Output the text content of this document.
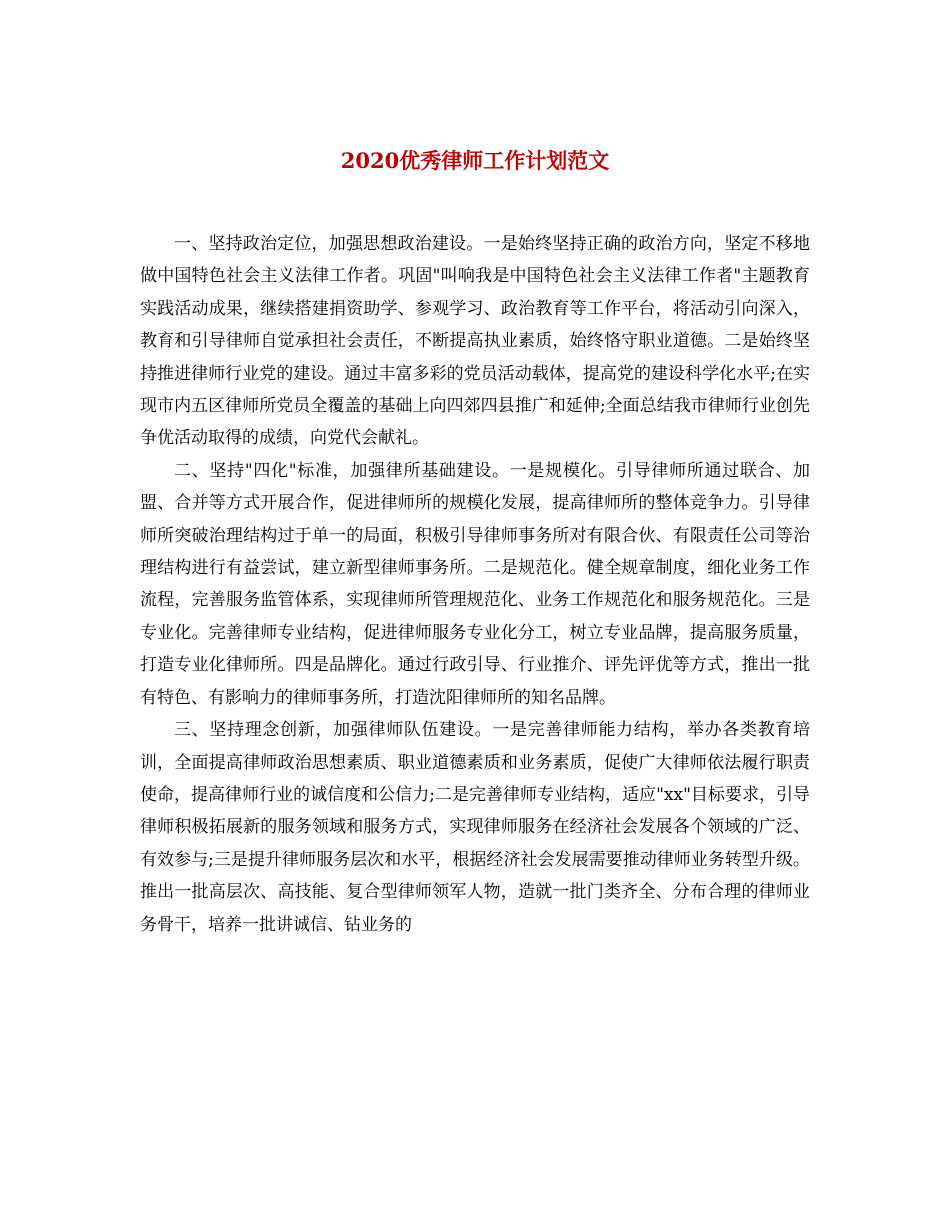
2020优秀律师工作计划范文

一、坚持政治定位，加强思想政治建设。一是始终坚持正确的政治方向，坚定不移地做中国特色社会主义法律工作者。巩固"叫响我是中国特色社会主义法律工作者"主题教育实践活动成果，继续搭建捐资助学、参观学习、政治教育等工作平台，将活动引向深入，教育和引导律师自觉承担社会责任，不断提高执业素质，始终恪守职业道德。二是始终坚持推进律师行业党的建设。通过丰富多彩的党员活动载体，提高党的建设科学化水平;在实现市内五区律师所党员全覆盖的基础上向四郊四县推广和延伸;全面总结我市律师行业创先争优活动取得的成绩，向党代会献礼。

二、坚持"四化"标准，加强律所基础建设。一是规模化。引导律师所通过联合、加盟、合并等方式开展合作，促进律师所的规模化发展，提高律师所的整体竞争力。引导律师所突破治理结构过于单一的局面，积极引导律师事务所对有限合伙、有限责任公司等治理结构进行有益尝试，建立新型律师事务所。二是规范化。健全规章制度，细化业务工作流程，完善服务监管体系，实现律师所管理规范化、业务工作规范化和服务规范化。三是专业化。完善律师专业结构，促进律师服务专业化分工，树立专业品牌，提高服务质量，打造专业化律师所。四是品牌化。通过行政引导、行业推介、评先评优等方式，推出一批有特色、有影响力的律师事务所，打造沈阳律师所的知名品牌。

三、坚持理念创新，加强律师队伍建设。一是完善律师能力结构，举办各类教育培训，全面提高律师政治思想素质、职业道德素质和业务素质，促使广大律师依法履行职责使命，提高律师行业的诚信度和公信力;二是完善律师专业结构，适应"xx"目标要求，引导律师积极拓展新的服务领域和服务方式，实现律师服务在经济社会发展各个领域的广泛、有效参与;三是提升律师服务层次和水平，根据经济社会发展需要推动律师业务转型升级。推出一批高层次、高技能、复合型律师领军人物，造就一批门类齐全、分布合理的律师业务骨干，培养一批讲诚信、钻业务的
